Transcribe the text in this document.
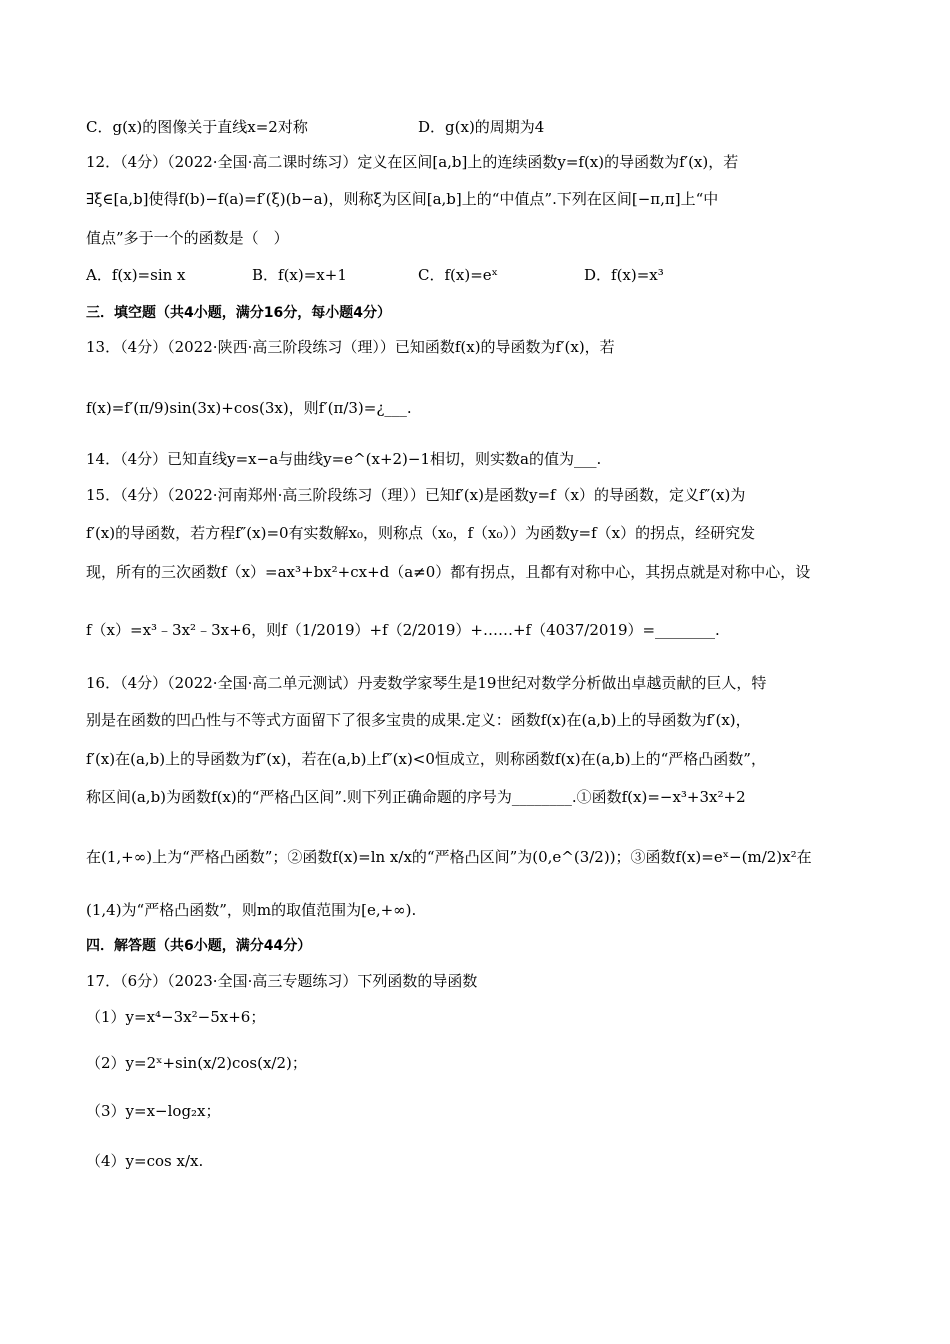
C．g(x)的图像关于直线x=2对称	D．g(x)的周期为4
12．（4分）（2022·全国·高二课时练习）定义在区间[a,b]上的连续函数y=f(x)的导函数为f′(x)，若
∃ξ∈[a,b]使得f(b)−f(a)=f′(ξ)(b−a)，则称ξ为区间[a,b]上的“中值点”.下列在区间[−π,π]上“中
值点”多于一个的函数是（　）
A．f(x)=sin x	B．f(x)=x+1	C．f(x)=eˣ	D．f(x)=x³
三．填空题（共4小题，满分16分，每小题4分）
13．（4分）（2022·陕西·高三阶段练习（理））已知函数f(x)的导函数为f′(x)，若
f(x)=f′(π/9)sin(3x)+cos(3x)，则f′(π/3)=¿___.
14．（4分）已知直线y=x−a与曲线y=e^(x+2)−1相切，则实数a的值为___.
15．（4分）（2022·河南郑州·高三阶段练习（理））已知f′(x)是函数y=f（x）的导函数，定义f″(x)为
f′(x)的导函数，若方程f″(x)=0有实数解x₀，则称点（x₀，f（x₀））为函数y=f（x）的拐点，经研究发
现，所有的三次函数f（x）=ax³+bx²+cx+d（a≠0）都有拐点，且都有对称中心，其拐点就是对称中心，设
f（x）=x³﹣3x²﹣3x+6，则f（1/2019）+f（2/2019）+……+f（4037/2019）=________.
16．（4分）（2022·全国·高二单元测试）丹麦数学家琴生是19世纪对数学分析做出卓越贡献的巨人，特
别是在函数的凹凸性与不等式方面留下了很多宝贵的成果.定义：函数f(x)在(a,b)上的导函数为f′(x)，
f′(x)在(a,b)上的导函数为f″(x)，若在(a,b)上f″(x)<0恒成立，则称函数f(x)在(a,b)上的“严格凸函数”，
称区间(a,b)为函数f(x)的“严格凸区间”.则下列正确命题的序号为________.①函数f(x)=−x³+3x²+2
在(1,+∞)上为“严格凸函数”；②函数f(x)=ln x/x的“严格凸区间”为(0,e^(3/2))；③函数f(x)=eˣ−(m/2)x²在
(1,4)为“严格凸函数”，则m的取值范围为[e,+∞).
四．解答题（共6小题，满分44分）
17．（6分）（2023·全国·高三专题练习）下列函数的导函数
（1）y=x⁴−3x²−5x+6；
（2）y=2ˣ+sin(x/2)cos(x/2)；
（3）y=x−log₂x；
（4）y=cos x/x.
